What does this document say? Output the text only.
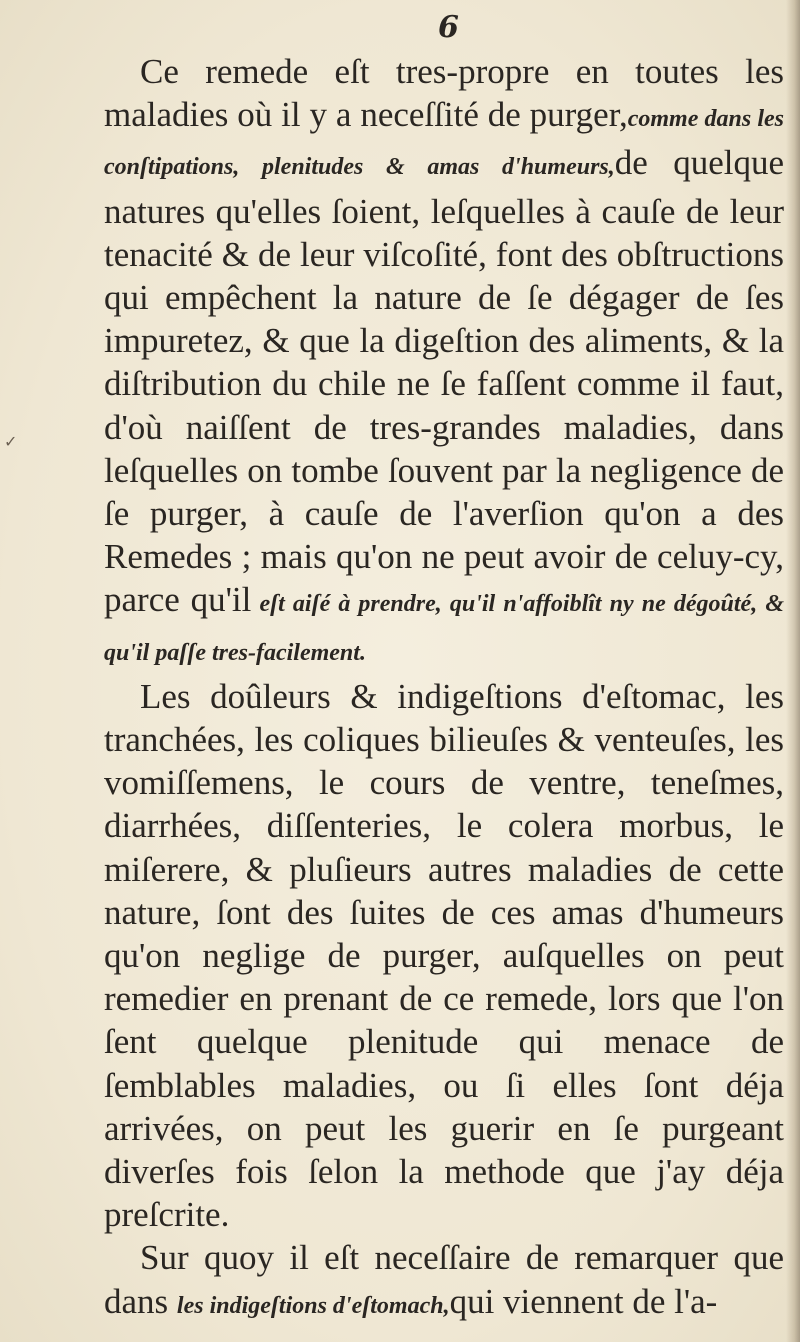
6
✓

Ce remede eſt tres-propre en toutes les maladies où il y a neceſſité de purger,comme dans les conſtipations, plenitudes & amas d'humeurs,de quelque natures qu'elles ſoient, leſquelles à cauſe de leur tenacité & de leur viſcoſité, font des obſtructions qui empêchent la nature de ſe dégager de ſes impuretez, & que la digeſtion des aliments, & la diſtribution du chile ne ſe faſſent comme il faut, d'où naiſſent de tres-grandes maladies, dans leſquelles on tombe ſouvent par la negligence de ſe purger, à cauſe de l'averſion qu'on a des Remedes ; mais qu'on ne peut avoir de celuy-cy, parce qu'il eſt aiſé à prendre, qu'il n'affoiblît ny ne dégoûté, & qu'il paſſe tres-facilement.

Les doûleurs & indigeſtions d'eſtomac, les tranchées, les coliques bilieuſes & venteuſes, les vomiſſemens, le cours de ventre, teneſmes, diarrhées, diſſenteries, le colera morbus, le miſerere, & pluſieurs autres maladies de cette nature, ſont des ſuites de ces amas d'humeurs qu'on neglige de purger, auſquelles on peut remedier en prenant de ce remede, lors que l'on ſent quelque plenitude qui menace de ſemblables maladies, ou ſi elles ſont déja arrivées, on peut les guerir en ſe purgeant diverſes fois ſelon la methode que j'ay déja preſcrite.

Sur quoy il eſt neceſſaire de remarquer que dans les indigeſtions d'eſtomach,qui viennent de l'a-
